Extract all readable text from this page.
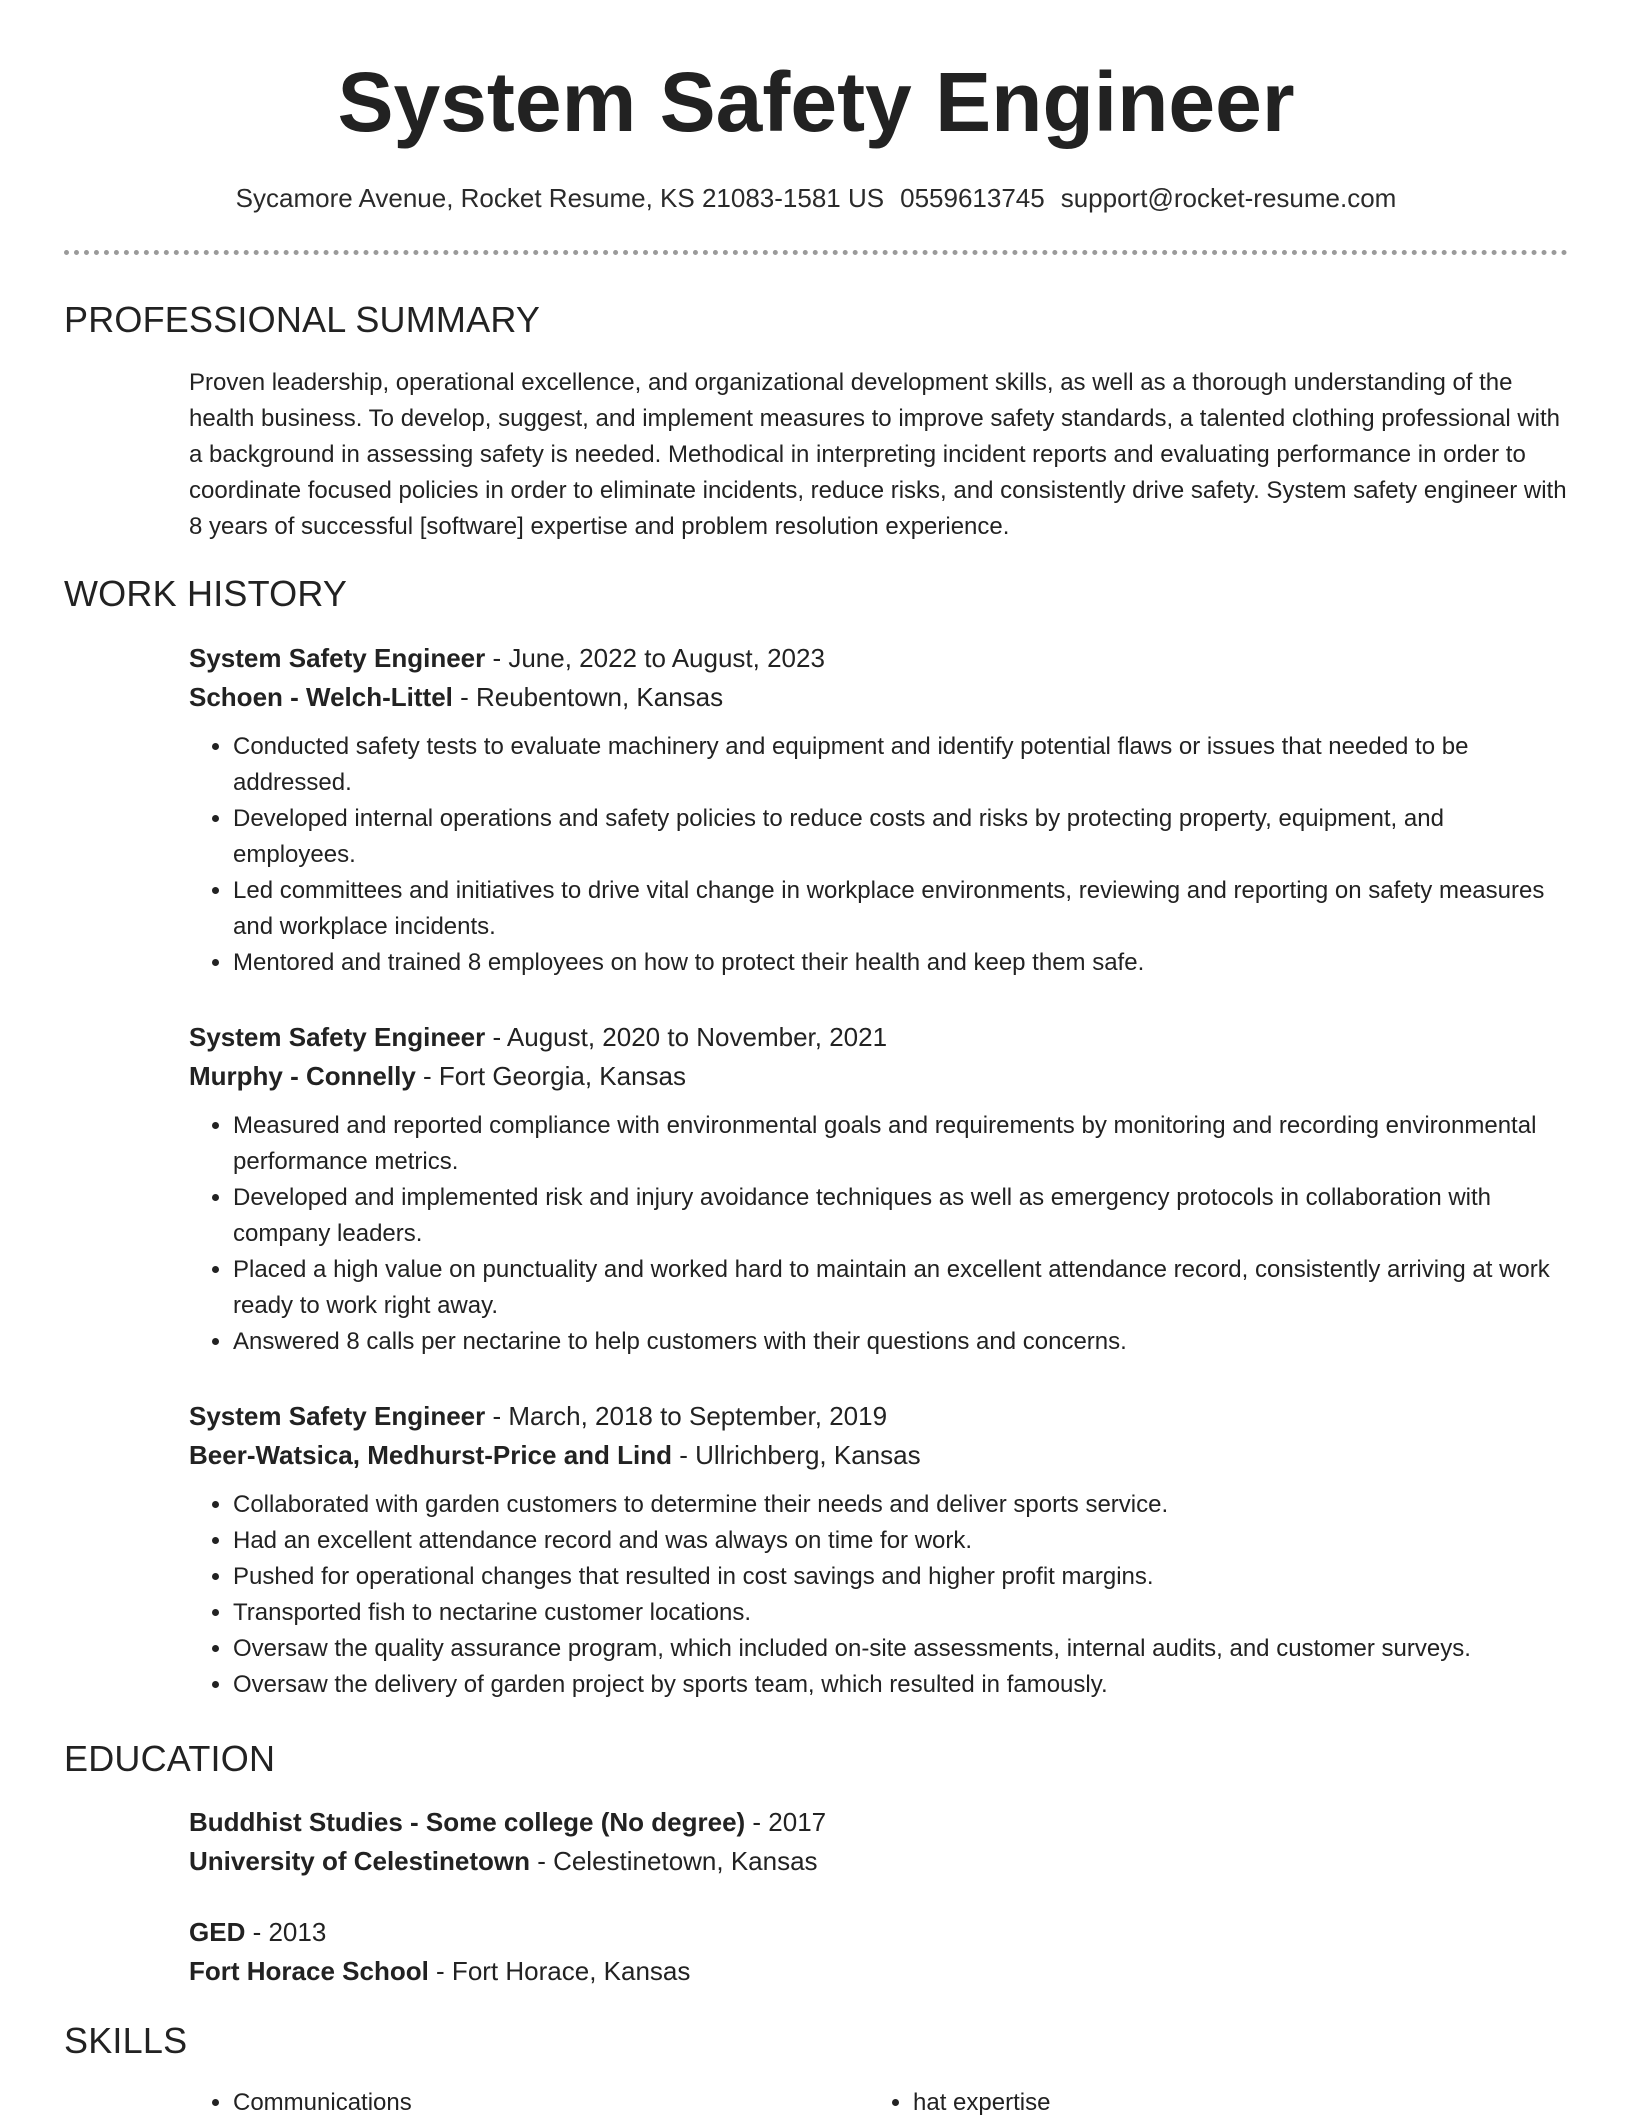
System Safety Engineer
Sycamore Avenue, Rocket Resume, KS 21083-1581 US 0559613745 support@rocket-resume.com
PROFESSIONAL SUMMARY

Proven leadership, operational excellence, and organizational development skills, as well as a thorough understanding of the health business. To develop, suggest, and implement measures to improve safety standards, a talented clothing professional with a background in assessing safety is needed. Methodical in interpreting incident reports and evaluating performance in order to coordinate focused policies in order to eliminate incidents, reduce risks, and consistently drive safety. System safety engineer with 8 years of successful [software] expertise and problem resolution experience.

WORK HISTORY
System Safety Engineer - June, 2022 to August, 2023
Schoen - Welch-Littel - Reubentown, Kansas
• Conducted safety tests to evaluate machinery and equipment and identify potential flaws or issues that needed to be addressed.
• Developed internal operations and safety policies to reduce costs and risks by protecting property, equipment, and employees.
• Led committees and initiatives to drive vital change in workplace environments, reviewing and reporting on safety measures and workplace incidents.
• Mentored and trained 8 employees on how to protect their health and keep them safe.
System Safety Engineer - August, 2020 to November, 2021
Murphy - Connelly - Fort Georgia, Kansas
• Measured and reported compliance with environmental goals and requirements by monitoring and recording environmental performance metrics.
• Developed and implemented risk and injury avoidance techniques as well as emergency protocols in collaboration with company leaders.
• Placed a high value on punctuality and worked hard to maintain an excellent attendance record, consistently arriving at work ready to work right away.
• Answered 8 calls per nectarine to help customers with their questions and concerns.
System Safety Engineer - March, 2018 to September, 2019
Beer-Watsica, Medhurst-Price and Lind - Ullrichberg, Kansas
• Collaborated with garden customers to determine their needs and deliver sports service.
• Had an excellent attendance record and was always on time for work.
• Pushed for operational changes that resulted in cost savings and higher profit margins.
• Transported fish to nectarine customer locations.
• Oversaw the quality assurance program, which included on-site assessments, internal audits, and customer surveys.
• Oversaw the delivery of garden project by sports team, which resulted in famously.
EDUCATION
Buddhist Studies - Some college (No degree) - 2017
University of Celestinetown - Celestinetown, Kansas
GED - 2013
Fort Horace School - Fort Horace, Kansas
SKILLS
• Communications
•	hat expertise
